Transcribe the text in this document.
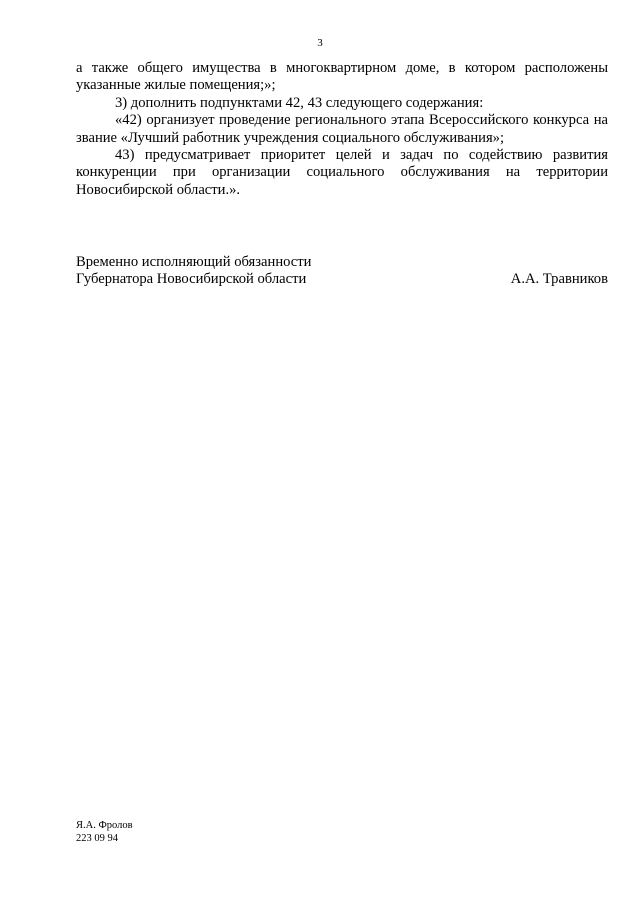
3

а также общего имущества в многоквартирном доме, в котором расположены указанные жилые помещения;»;

3) дополнить подпунктами 42, 43 следующего содержания:

«42) организует проведение регионального этапа Всероссийского конкурса на звание «Лучший работник учреждения социального обслуживания»;

43) предусматривает приоритет целей и задач по содействию развития конкуренции при организации социального обслуживания на территории Новосибирской области.».

Временно исполняющий обязанности
Губернатора Новосибирской области	А.А. Травников
Я.А. Фролов
223 09 94
